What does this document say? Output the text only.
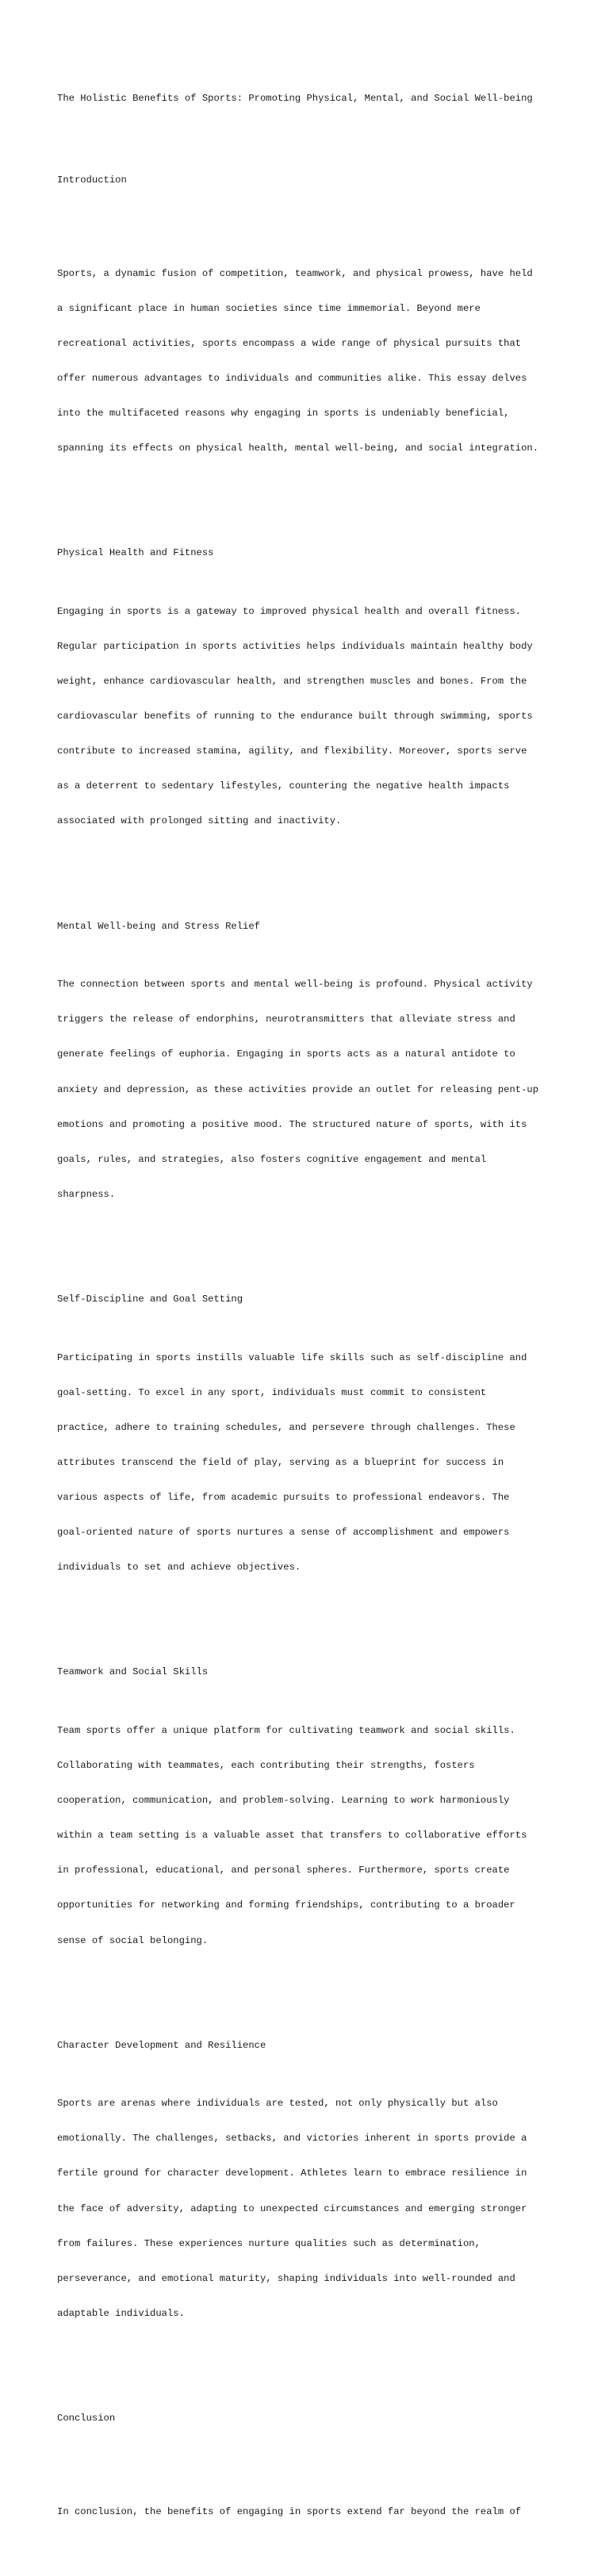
The Holistic Benefits of Sports: Promoting Physical, Mental, and Social Well-being

Introduction

Sports, a dynamic fusion of competition, teamwork, and physical prowess, have held

a significant place in human societies since time immemorial. Beyond mere

recreational activities, sports encompass a wide range of physical pursuits that

offer numerous advantages to individuals and communities alike. This essay delves

into the multifaceted reasons why engaging in sports is undeniably beneficial,

spanning its effects on physical health, mental well-being, and social integration.

Physical Health and Fitness

Engaging in sports is a gateway to improved physical health and overall fitness.

Regular participation in sports activities helps individuals maintain healthy body

weight, enhance cardiovascular health, and strengthen muscles and bones. From the

cardiovascular benefits of running to the endurance built through swimming, sports

contribute to increased stamina, agility, and flexibility. Moreover, sports serve

as a deterrent to sedentary lifestyles, countering the negative health impacts

associated with prolonged sitting and inactivity.

Mental Well-being and Stress Relief

The connection between sports and mental well-being is profound. Physical activity

triggers the release of endorphins, neurotransmitters that alleviate stress and

generate feelings of euphoria. Engaging in sports acts as a natural antidote to

anxiety and depression, as these activities provide an outlet for releasing pent-up

emotions and promoting a positive mood. The structured nature of sports, with its

goals, rules, and strategies, also fosters cognitive engagement and mental

sharpness.

Self-Discipline and Goal Setting

Participating in sports instills valuable life skills such as self-discipline and

goal-setting. To excel in any sport, individuals must commit to consistent

practice, adhere to training schedules, and persevere through challenges. These

attributes transcend the field of play, serving as a blueprint for success in

various aspects of life, from academic pursuits to professional endeavors. The

goal-oriented nature of sports nurtures a sense of accomplishment and empowers

individuals to set and achieve objectives.

Teamwork and Social Skills

Team sports offer a unique platform for cultivating teamwork and social skills.

Collaborating with teammates, each contributing their strengths, fosters

cooperation, communication, and problem-solving. Learning to work harmoniously

within a team setting is a valuable asset that transfers to collaborative efforts

in professional, educational, and personal spheres. Furthermore, sports create

opportunities for networking and forming friendships, contributing to a broader

sense of social belonging.

Character Development and Resilience

Sports are arenas where individuals are tested, not only physically but also

emotionally. The challenges, setbacks, and victories inherent in sports provide a

fertile ground for character development. Athletes learn to embrace resilience in

the face of adversity, adapting to unexpected circumstances and emerging stronger

from failures. These experiences nurture qualities such as determination,

perseverance, and emotional maturity, shaping individuals into well-rounded and

adaptable individuals.

Conclusion

In conclusion, the benefits of engaging in sports extend far beyond the realm of
